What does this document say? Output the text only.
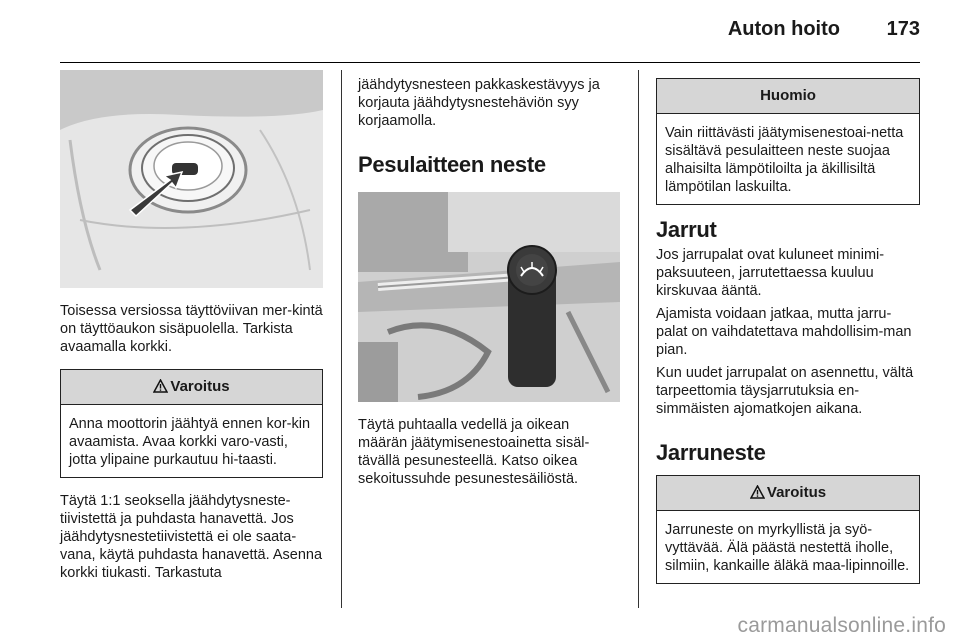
Auton hoito 173

Toisessa versiossa täyttöviivan mer-kintä on täyttöaukon sisäpuolella. Tarkista avaamalla korkki.

Varoitus
Anna moottorin jäähtyä ennen kor-kin avaamista. Avaa korkki varo-vasti, jotta ylipaine purkautuu hi-taasti.

Täytä 1:1 seoksella jäähdytysneste-tiivistettä ja puhdasta hanavettä. Jos jäähdytysnestetiivistettä ei ole saata-vana, käytä puhdasta hanavettä. Asenna korkki tiukasti. Tarkastuta

jäähdytysnesteen pakkaskestävyys ja korjauta jäähdytysnestehäviön syy korjaamolla.

Pesulaitteen neste

Täytä puhtaalla vedellä ja oikean määrän jäätymisenestoainetta sisäl-tävällä pesunesteellä. Katso oikea sekoitussuhde pesunestesäiliöstä.

Huomio
Vain riittävästi jäätymisenestoai-netta sisältävä pesulaitteen neste suojaa alhaisilta lämpötiloilta ja äkillisiltä lämpötilan laskuilta.
Jarrut

Jos jarrupalat ovat kuluneet minimi-paksuuteen, jarrutettaessa kuuluu kirskuvaa ääntä.

Ajamista voidaan jatkaa, mutta jarru-palat on vaihdatettava mahdollisim-man pian.

Kun uudet jarrupalat on asennettu, vältä tarpeettomia täysjarrutuksia en-simmäisten ajomatkojen aikana.

Jarruneste
Varoitus
Jarruneste on myrkyllistä ja syö-vyttävää. Älä päästä nestettä iholle, silmiin, kankaille äläkä maa-lipinnoille.
carmanualsonline.info
